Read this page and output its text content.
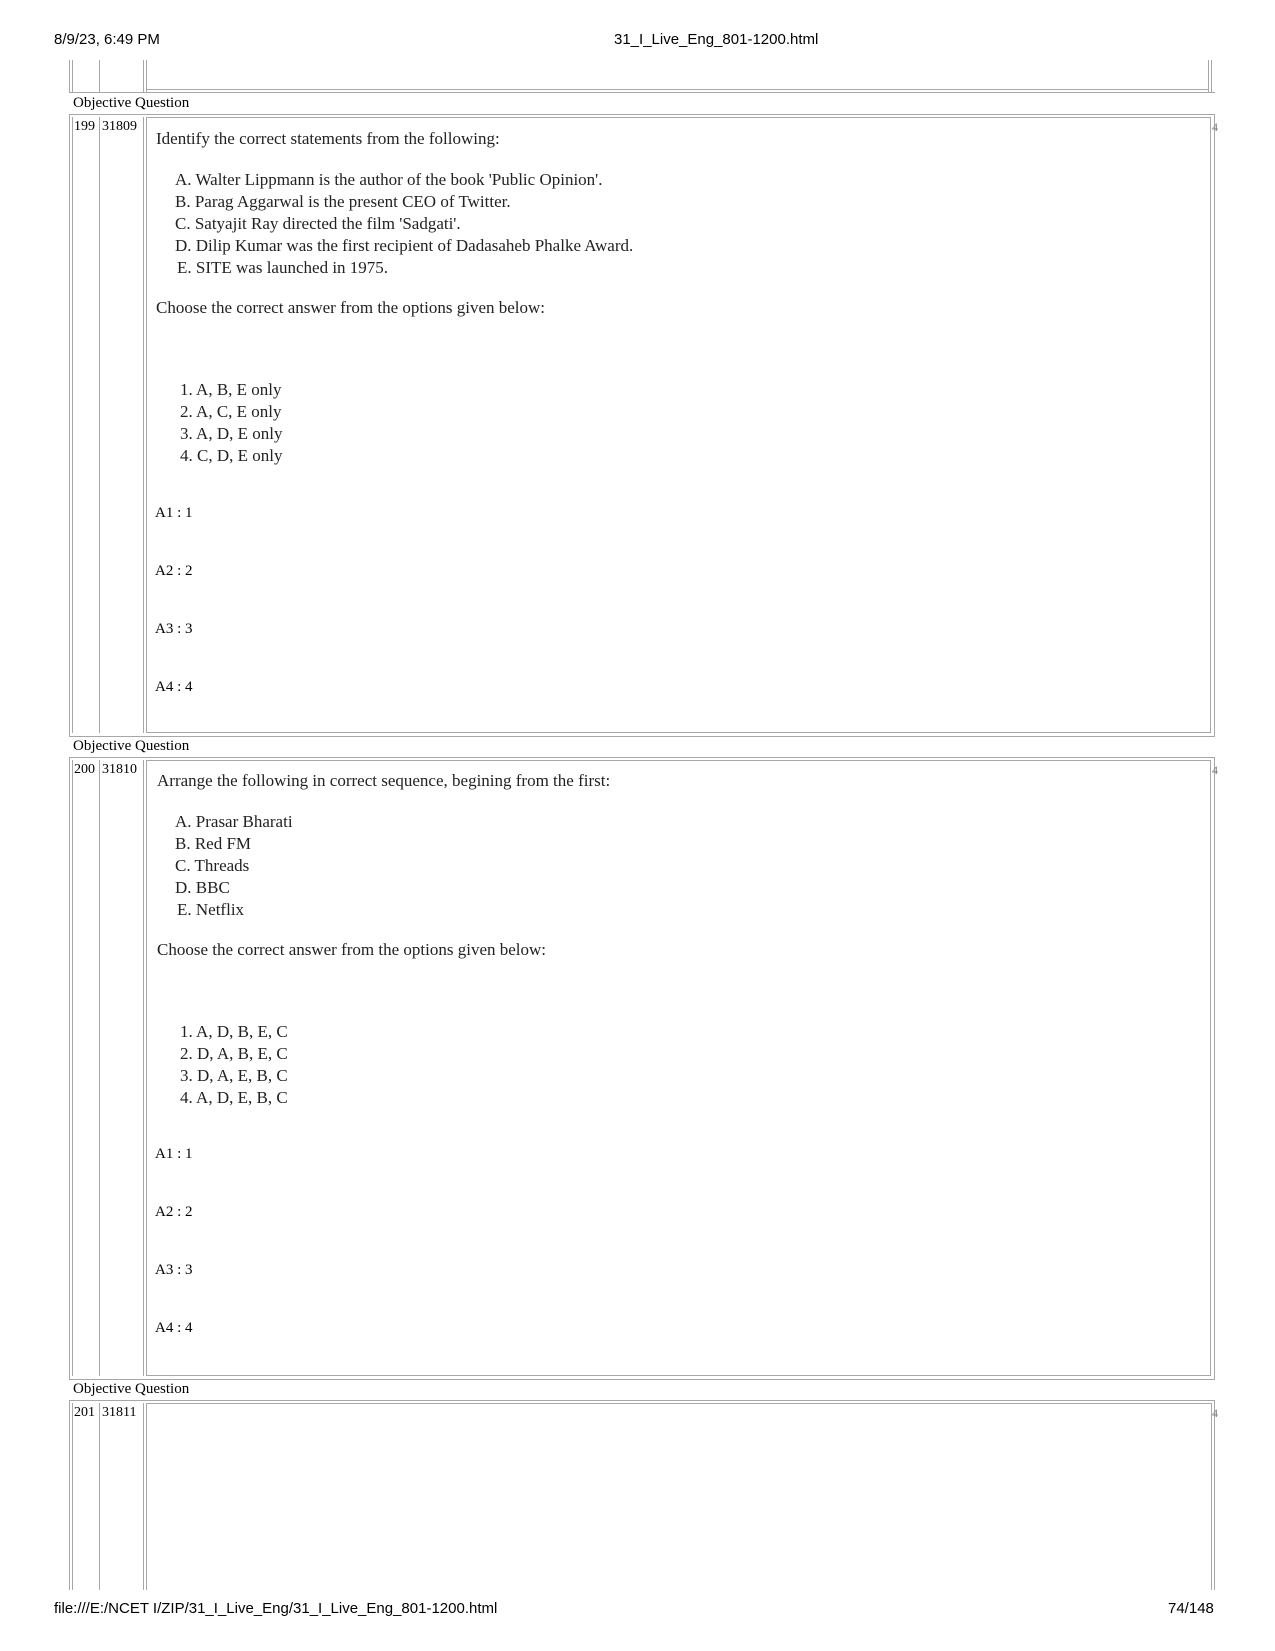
8/9/23, 6:49 PM	31_I_Live_Eng_801-1200.html
file:///E:/NCET I/ZIP/31_I_Live_Eng/31_I_Live_Eng_801-1200.html	74/148
Objective Question
199 31809	4
Identify the correct statements from the following:
A. Walter Lippmann is the author of the book 'Public Opinion'.
B. Parag Aggarwal is the present CEO of Twitter.
C. Satyajit Ray directed the film 'Sadgati'.
D. Dilip Kumar was the first recipient of Dadasaheb Phalke Award.
E. SITE was launched in 1975.
Choose the correct answer from the options given below:
1. A, B, E only
2. A, C, E only
3. A, D, E only
4. C, D, E only
A1 : 1
A2 : 2
A3 : 3
A4 : 4
Objective Question
200 31810	4
Arrange the following in correct sequence, begining from the first:
A. Prasar Bharati
B. Red FM
C. Threads
D. BBC
E. Netflix
Choose the correct answer from the options given below:
1. A, D, B, E, C
2. D, A, B, E, C
3. D, A, E, B, C
4. A, D, E, B, C
A1 : 1
A2 : 2
A3 : 3
A4 : 4
Objective Question
201 31811	4
